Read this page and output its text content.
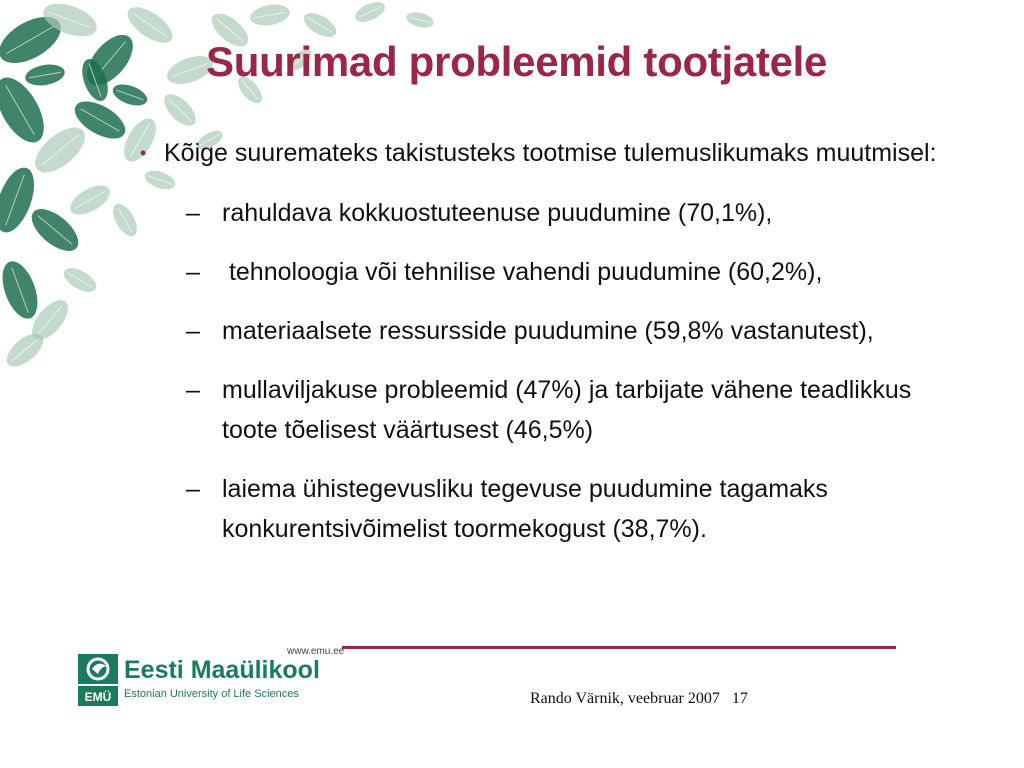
Suurimad probleemid tootjatele
• Kõige suuremateks takistusteks tootmise tulemuslikumaks muutmisel:
– rahuldava kokkuostuteenuse puudumine (70,1%),
– tehnoloogia või tehnilise vahendi puudumine (60,2%),
– materiaalsete ressursside puudumine (59,8% vastanutest),
– mullaviljakuse probleemid (47%) ja tarbijate vähene teadlikkus toote tõelisest väärtusest (46,5%)
– laiema ühistegevusliku tegevuse puudumine tagamaks konkurentsivõimelist toormekogust (38,7%).
www.emu.ee
EMÜ
Eesti Maaülikool
Estonian University of Life Sciences	Rando Värnik, veebruar 2007 17
